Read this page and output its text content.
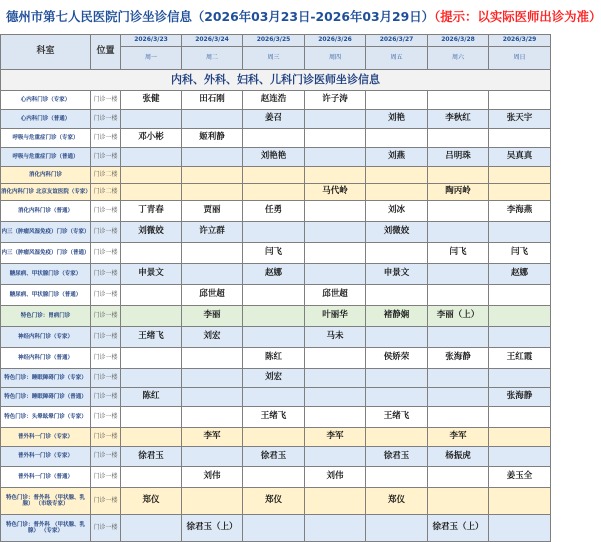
德州市第七人民医院门诊坐诊信息（2026年03月23日-2026年03月29日）（提示：以实际医师出诊为准）
科室	位置	2026/3/23	2026/3/24	2026/3/25	2026/3/26	2026/3/27	2026/3/28	2026/3/29
		周一	周二	周三	周四	周五	周六	周日
内科、外科、妇科、儿科门诊医师坐诊信息								
心内科门诊（专家）	门诊一楼	张健	田石刚	赵连浩	许子涛			
心内科门诊（普通）	门诊一楼			姜召		刘艳	李秋红	张天宇
呼吸与危重症门诊（专家）	门诊一楼	邓小彬	姬利静					
呼吸与危重症门诊（普通）	门诊一楼			刘艳艳		刘燕	吕明珠	吴真真
消化内科门诊	门诊二楼							
消化内科门诊 北京友谊医院（专家）	门诊二楼				马代岭		陶丙岭	
消化内科门诊（普通）	门诊一楼	丁青春	贾丽	任勇		刘冰		李海燕
内三（肿瘤风湿免疫）门诊（专家）	门诊一楼	刘微姣	许立群			刘微姣		
内三（肿瘤风湿免疫）门诊（普通）	门诊一楼			闫飞			闫飞	闫飞
糖尿病、甲状腺门诊（专家）	门诊一楼	申景文		赵娜		申景文		赵娜
糖尿病、甲状腺门诊（普通）	门诊一楼		邱世超		邱世超			
特色门诊：胃病门诊	门诊一楼		李丽		叶丽华	褚静娴	李丽（上）	
神经内科门诊（专家）	门诊一楼	王绪飞	刘宏		马未			
神经内科门诊（普通）	门诊一楼			陈红		侯娇荣	张海静	王红霞
特色门诊：睡眠障碍门诊（专家）	门诊一楼			刘宏				
特色门诊：睡眠障碍门诊（普通）	门诊一楼	陈红						张海静
特色门诊：头晕眩晕门诊（专家）	门诊一楼			王绪飞		王绪飞		
普外科一门诊（专家）	门诊一楼		李军		李军		李军	
普外科一门诊（专家）	门诊一楼	徐君玉		徐君玉		徐君玉	杨振虎	
普外科一门诊（普通）	门诊一楼		刘伟		刘伟			姜玉全
特色门诊：普外科 （甲状腺、乳腺） （市级专家）	门诊一楼	郑仪		郑仪		郑仪		
特色门诊：普外科 （甲状腺、乳腺） （专家）	门诊一楼		徐君玉（上）				徐君玉（上）	
